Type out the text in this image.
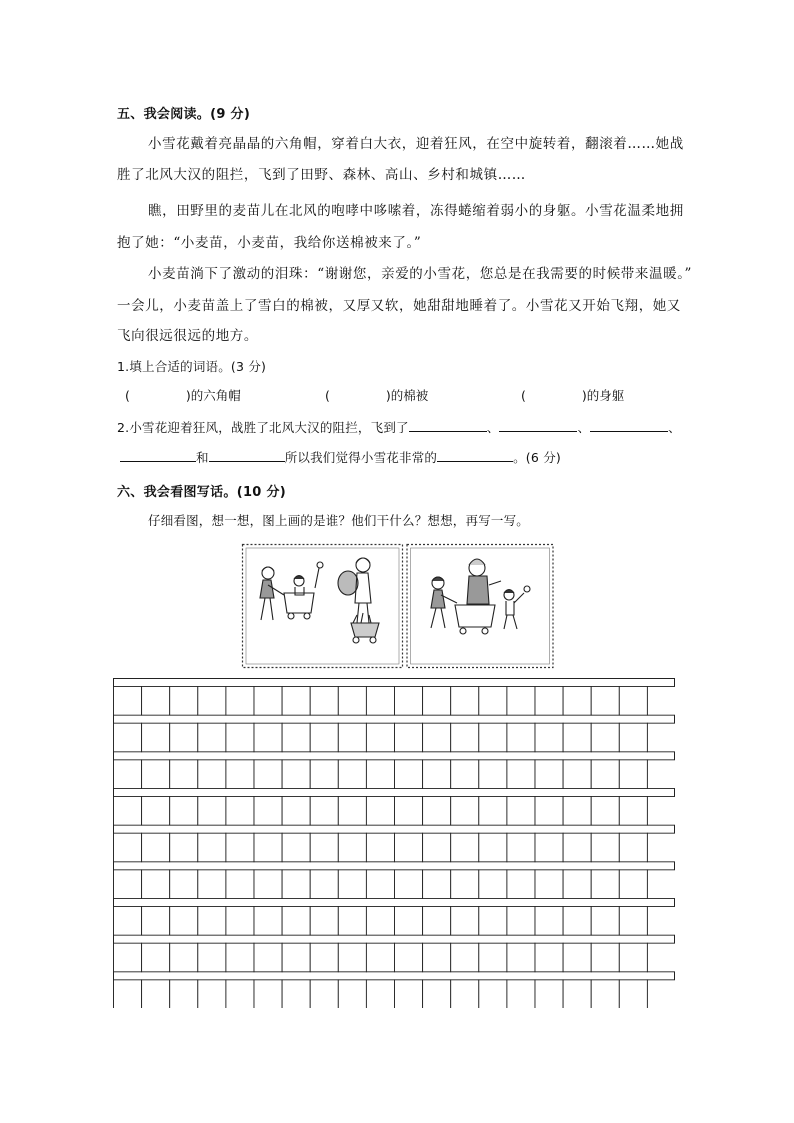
五、我会阅读。(9 分)
小雪花戴着亮晶晶的六角帽，穿着白大衣，迎着狂风，在空中旋转着，翻滚着……她战
胜了北风大汉的阻拦，飞到了田野、森林、高山、乡村和城镇……
瞧，田野里的麦苗儿在北风的咆哮中哆嗦着，冻得蜷缩着弱小的身躯。小雪花温柔地拥
抱了她：“小麦苗，小麦苗，我给你送棉被来了。”
小麦苗淌下了激动的泪珠：“谢谢您，亲爱的小雪花，您总是在我需要的时候带来温暖。”
一会儿，小麦苗盖上了雪白的棉被，又厚又软，她甜甜地睡着了。小雪花又开始飞翔，她又
飞向很远很远的地方。
1.填上合适的词语。(3 分)
(	)的六角帽	(	)的棉被	(	)的身躯
2.小雪花迎着狂风，战胜了北风大汉的阻拦，飞到了	、	、	、
和	所以我们觉得小雪花非常的	。(6 分)
六、我会看图写话。(10 分)
仔细看图，想一想，图上画的是谁？他们干什么？想想，再写一写。
